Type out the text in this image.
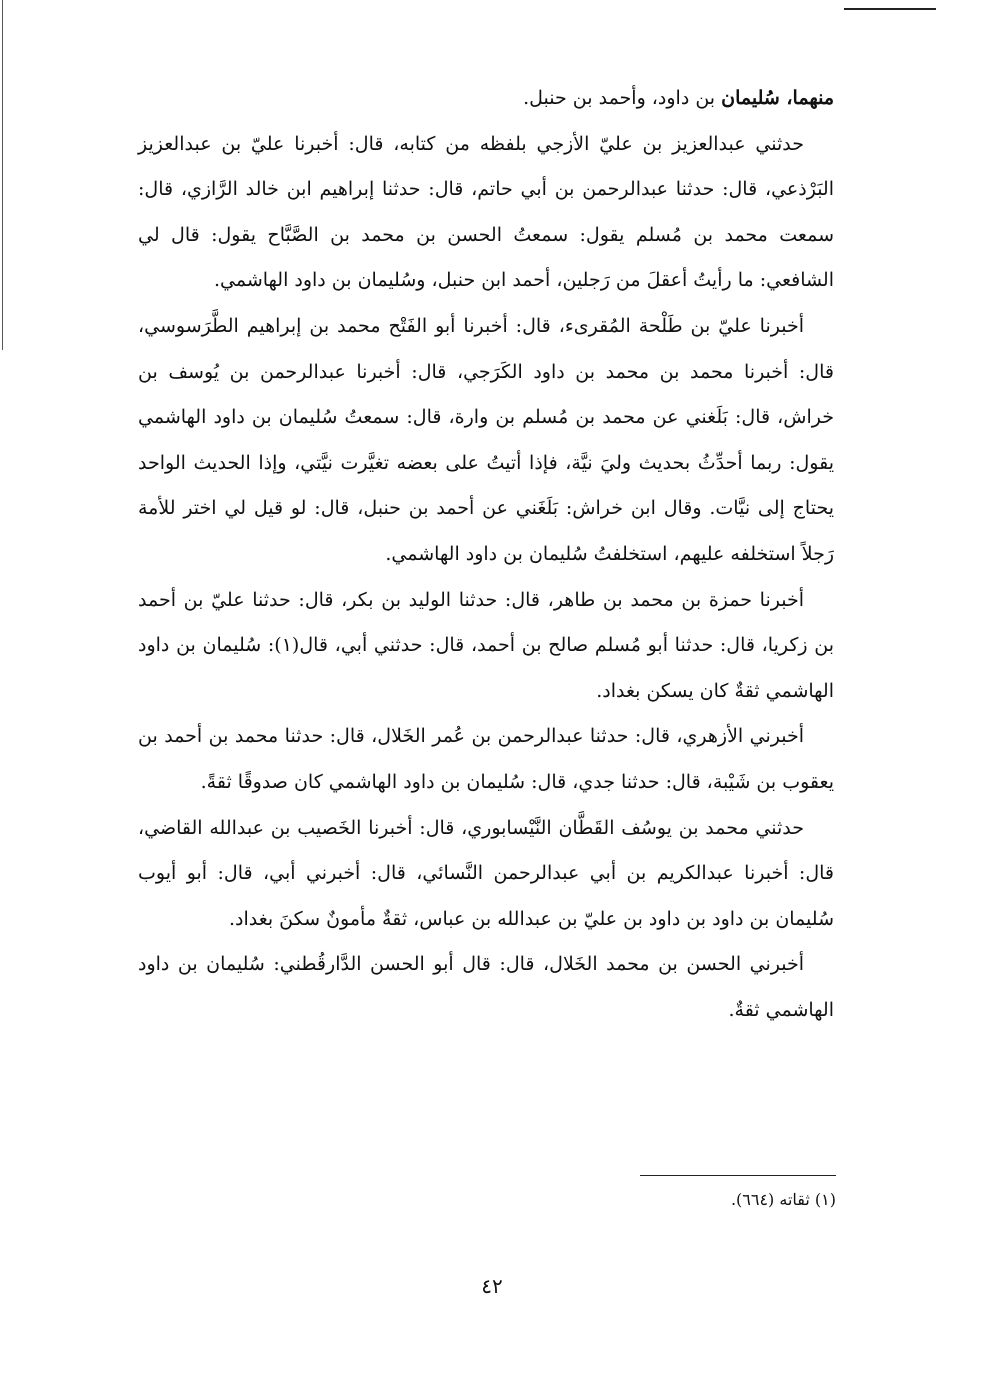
منهما، سُليمان بن داود، وأحمد بن حنبل.

حدثني عبدالعزيز بن عليّ الأزجي بلفظه من كتابه، قال: أخبرنا عليّ بن عبدالعزيز البَرْذعي، قال: حدثنا عبدالرحمن بن أبي حاتم، قال: حدثنا إبراهيم ابن خالد الرَّازي، قال: سمعت محمد بن مُسلم يقول: سمعتُ الحسن بن محمد بن الصَّبَّاح يقول: قال لي الشافعي: ما رأيتُ أعقلَ من رَجلين، أحمد ابن حنبل، وسُليمان بن داود الهاشمي.

أخبرنا عليّ بن طَلْحة المُقرىء، قال: أخبرنا أبو الفَتْح محمد بن إبراهيم الطَّرَسوسي، قال: أخبرنا محمد بن محمد بن داود الكَرَجي، قال: أخبرنا عبدالرحمن بن يُوسف بن خراش، قال: بَلَغني عن محمد بن مُسلم بن وارة، قال: سمعتُ سُليمان بن داود الهاشمي يقول: ربما أحدِّثُ بحديث وليَ نيَّة، فإذا أتيتُ على بعضه تغيَّرت نيَّتي، وإذا الحديث الواحد يحتاج إلى نيَّات. وقال ابن خراش: بَلَغَني عن أحمد بن حنبل، قال: لو قيل لي اختر للأمة رَجلاً استخلفه عليهم، استخلفتُ سُليمان بن داود الهاشمي.

أخبرنا حمزة بن محمد بن طاهر، قال: حدثنا الوليد بن بكر، قال: حدثنا عليّ بن أحمد بن زكريا، قال: حدثنا أبو مُسلم صالح بن أحمد، قال: حدثني أبي، قال(١): سُليمان بن داود الهاشمي ثقةٌ كان يسكن بغداد.

أخبرني الأزهري، قال: حدثنا عبدالرحمن بن عُمر الخَلال، قال: حدثنا محمد بن أحمد بن يعقوب بن شَيْبة، قال: حدثنا جدي، قال: سُليمان بن داود الهاشمي كان صدوقًا ثقةً.

حدثني محمد بن يوسُف القَطَّان النَّيْسابوري، قال: أخبرنا الخَصيب بن عبدالله القاضي، قال: أخبرنا عبدالكريم بن أبي عبدالرحمن النَّسائي، قال: أخبرني أبي، قال: أبو أيوب سُليمان بن داود بن داود بن عليّ بن عبدالله بن عباس، ثقةٌ مأمونٌ سكنَ بغداد.

أخبرني الحسن بن محمد الخَلال، قال: قال أبو الحسن الدَّارقُطني: سُليمان بن داود الهاشمي ثقةٌ.

(١) ثقاته (٦٦٤).
٤٢
